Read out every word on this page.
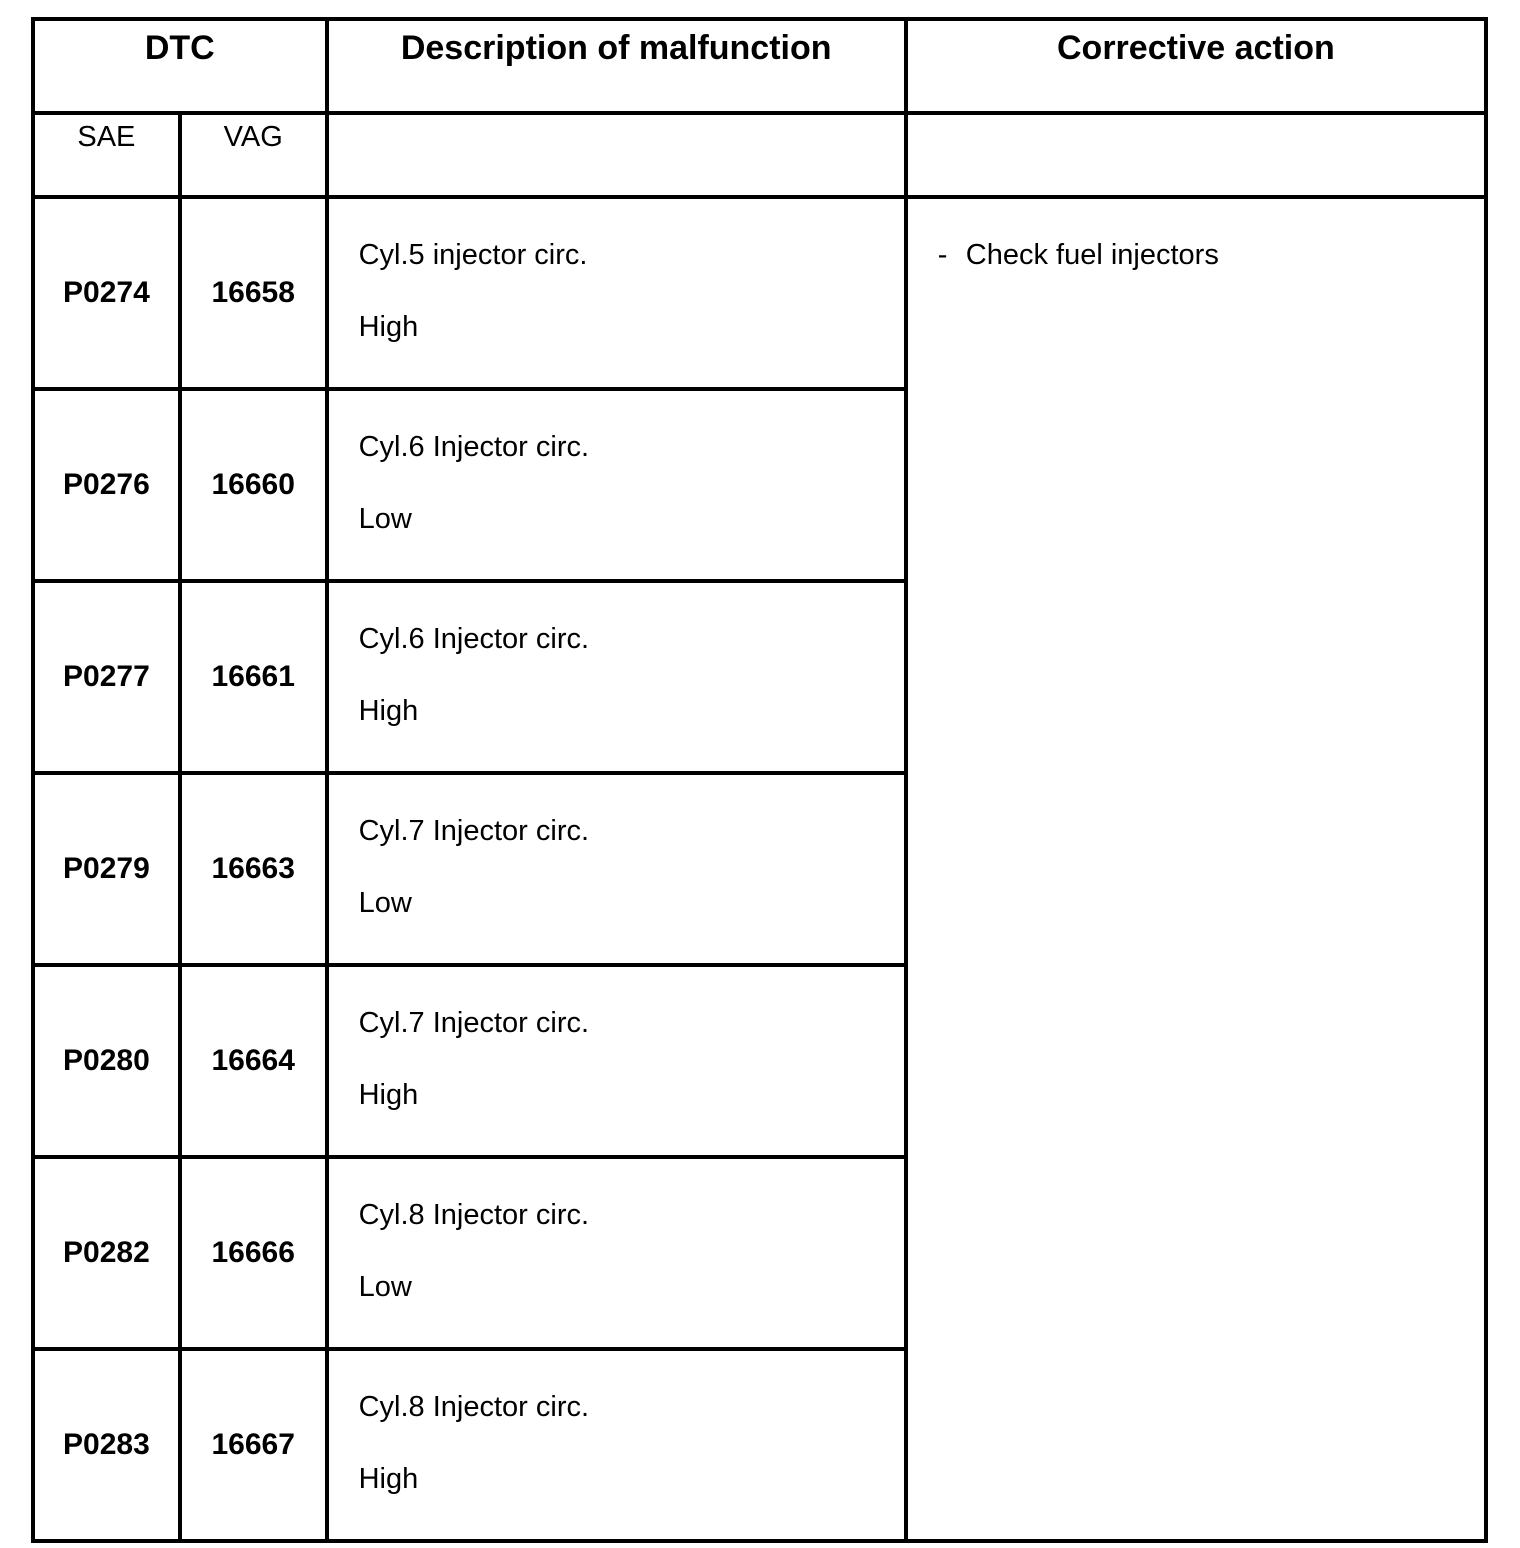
DTC		Description of malfunction	Corrective action
SAE	VAG		
P0274	16658	Cyl.5 injector circ.
High	- Check fuel injectors

P0276	16660	Cyl.6 Injector circ.
Low	

P0277	16661	Cyl.6 Injector circ.
High	

P0279	16663	Cyl.7 Injector circ.
Low	

P0280	16664	Cyl.7 Injector circ.
High	

P0282	16666	Cyl.8 Injector circ.
Low	

P0283	16667	Cyl.8 Injector circ.
High	
